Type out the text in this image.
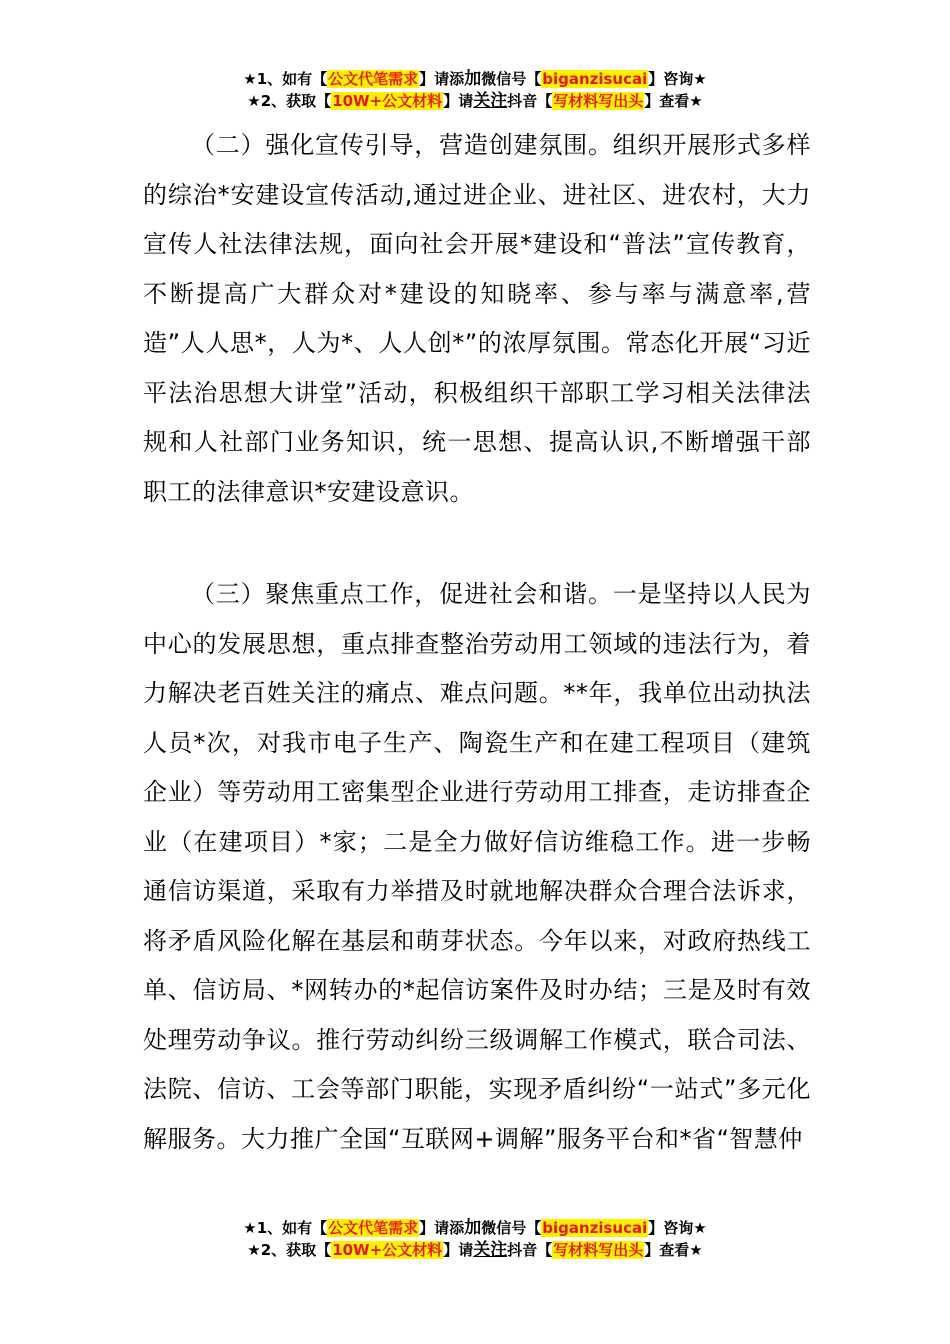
★1、如有【公文代笔需求】请添加微信号【biganzisucai】咨询★
★2、获取【10W+公文材料】请关注抖音【写材料写出头】查看★

（二）强化宣传引导，营造创建氛围。组织开展形式多样的综治*安建设宣传活动,通过进企业、进社区、进农村，大力宣传人社法律法规，面向社会开展*建设和“普法”宣传教育，不断提高广大群众对*建设的知晓率、参与率与满意率,营造”人人思*，人为*、人人创*”的浓厚氛围。常态化开展“习近平法治思想大讲堂”活动，积极组织干部职工学习相关法律法规和人社部门业务知识，统一思想、提高认识,不断增强干部职工的法律意识*安建设意识。

（三）聚焦重点工作，促进社会和谐。一是坚持以人民为中心的发展思想，重点排查整治劳动用工领域的违法行为，着力解决老百姓关注的痛点、难点问题。**年，我单位出动执法人员*次，对我市电子生产、陶瓷生产和在建工程项目（建筑企业）等劳动用工密集型企业进行劳动用工排查，走访排查企业（在建项目）*家；二是全力做好信访维稳工作。进一步畅通信访渠道，采取有力举措及时就地解决群众合理合法诉求，将矛盾风险化解在基层和萌芽状态。今年以来，对政府热线工单、信访局、*网转办的*起信访案件及时办结；三是及时有效处理劳动争议。推行劳动纠纷三级调解工作模式，联合司法、法院、信访、工会等部门职能，实现矛盾纠纷“一站式”多元化解服务。大力推广全国“互联网+调解”服务平台和*省“智慧仲

★1、如有【公文代笔需求】请添加微信号【biganzisucai】咨询★
★2、获取【10W+公文材料】请关注抖音【写材料写出头】查看★
